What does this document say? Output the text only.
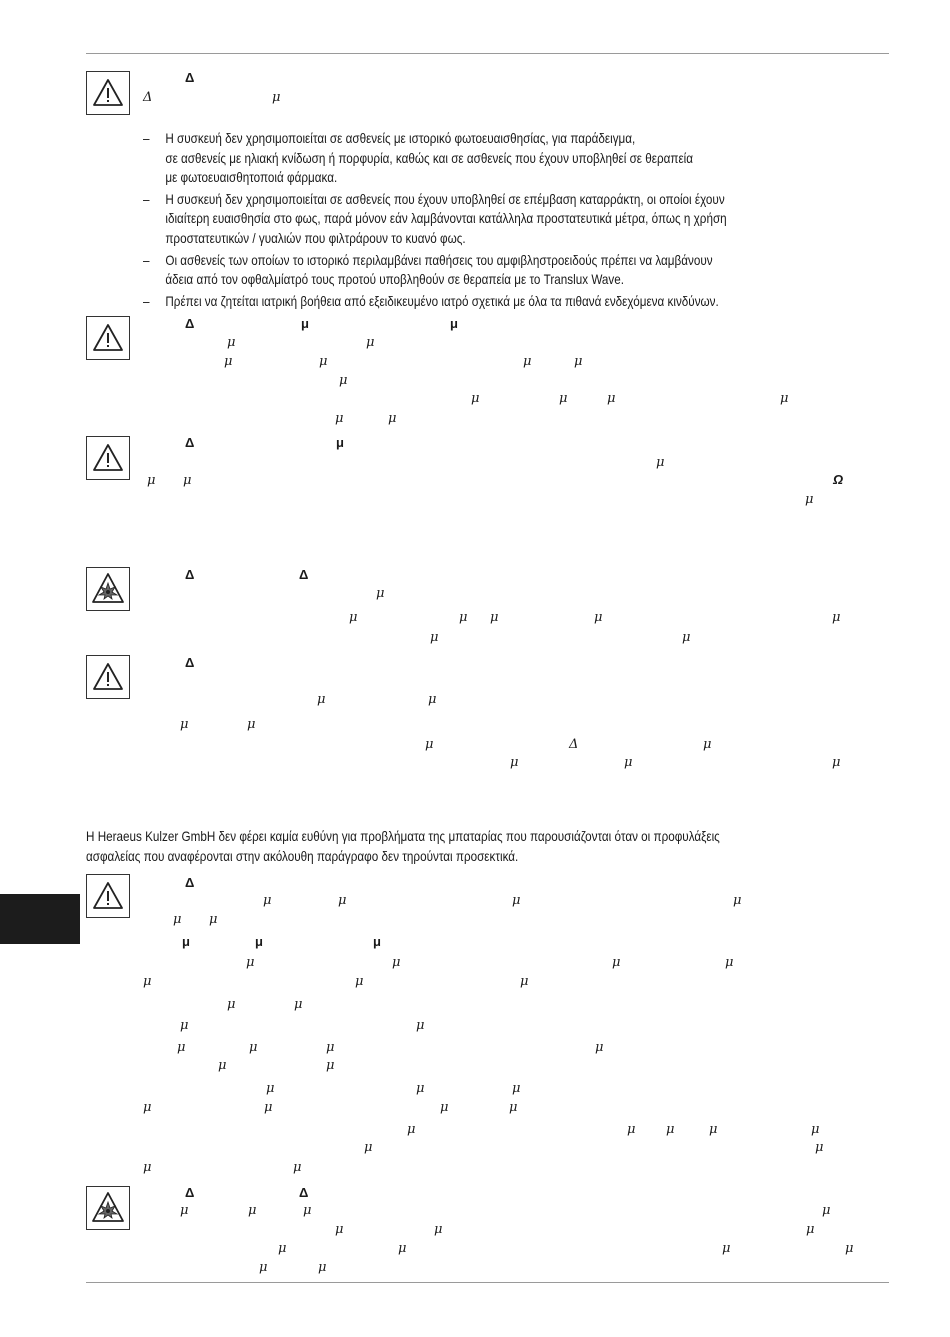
– Η συσκευή δεν χρησιμοποιείται σε ασθενείς με ιστορικό φωτοευαισθησίας, για παράδειγμα,
σε ασθενείς με ηλιακή κνίδωση ή πορφυρία, καθώς και σε ασθενείς που έχουν υποβληθεί σε θεραπεία
με φωτοευαισθητοποιά φάρμακα.
– Η συσκευή δεν χρησιμοποιείται σε ασθενείς που έχουν υποβληθεί σε επέμβαση καταρράκτη, οι οποίοι έχουν
ιδιαίτερη ευαισθησία στο φως, παρά μόνον εάν λαμβάνονται κατάλληλα προστατευτικά μέτρα, όπως η χρήση
προστατευτικών / γυαλιών που φιλτράρουν το κυανό φως.
– Οι ασθενείς των οποίων το ιστορικό περιλαμβάνει παθήσεις του αμφιβληστροειδούς πρέπει να λαμβάνουν
άδεια από τον οφθαλμίατρό τους προτού υποβληθούν σε θεραπεία με το Translux Wave.
– Πρέπει να ζητείται ιατρική βοήθεια από εξειδικευμένο ιατρό σχετικά με όλα τα πιθανά ενδεχόμενα κινδύνων.

Η Heraeus Kulzer GmbH δεν φέρει καμία ευθύνη για προβλήματα της μπαταρίας που παρουσιάζονται όταν οι προφυλάξεις
ασφαλείας που αναφέρονται στην ακόλουθη παράγραφο δεν τηρούνται προσεκτικά.

Δ
Δ	μ
Δ	μ	μ
μ	μ
μ	μ	μ	μ
μ
μ	μ	μ	μ
μ	μ
Δ	μ
μ
μ μ	Ω
μ
Δ	Δ
μ
μ	μ μ	μ	μ
μ	μ
Δ
μ	μ
μ	μ
μ	Δ	μ
μ	μ	μ
Δ
μ	μ	μ	μ
μ μ
μ	μ	μ
μ	μ	μ	μ
μ	μ	μ
μ	μ
μ	μ
μ	μ	μ	μ
μ	μ
μ	μ	μ
μ	μ	μ	μ
μ	μ μ	μ	μ
μ	μ
μ	μ
Δ	Δ
μ	μ	μ	μ
μ	μ	μ
μ	μ	μ	μ
μ	μ
